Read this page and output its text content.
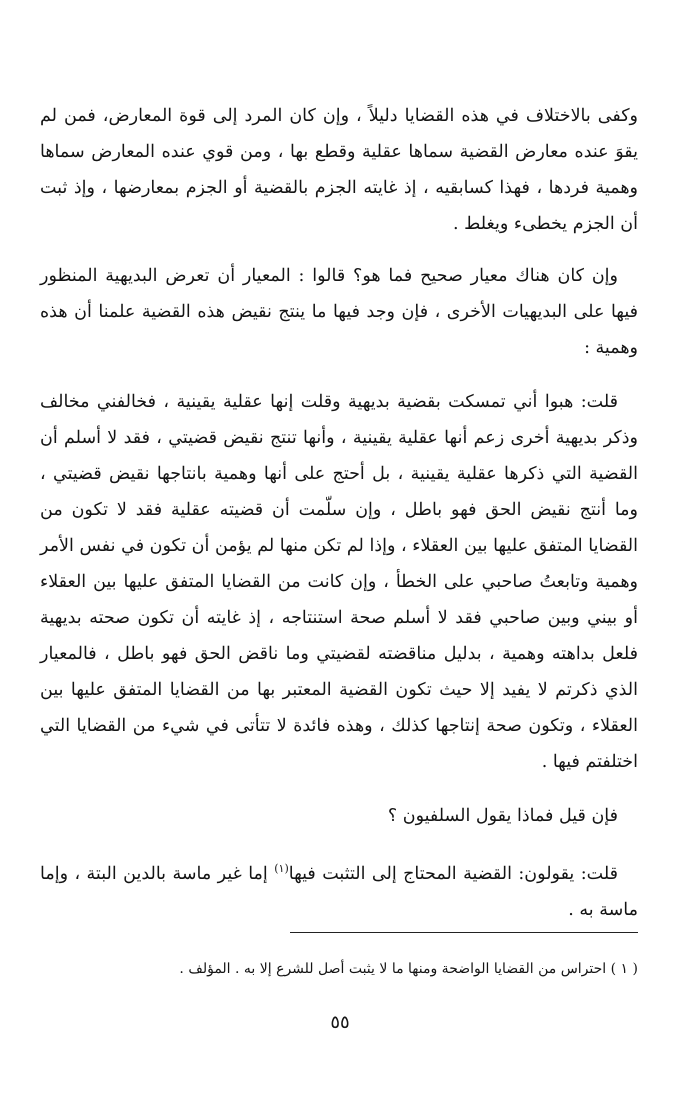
وكفى بالاختلاف في هذه القضايا دليلاً ، وإن كان المرد إلى قوة المعارض، فمن لم يقوَ عنده معارض القضية سماها عقلية وقطع بها ، ومن قوي عنده المعارض سماها وهمية فردها ، فهذا كسابقيه ، إذ غايته الجزم بالقضية أو الجزم بمعارضها ، وإذ ثبت أن الجزم يخطىء ويغلط .

وإن كان هناك معيار صحيح فما هو؟ قالوا : المعيار أن تعرض البديهية المنظور فيها على البديهيات الأخرى ، فإن وجد فيها ما ينتج نقيض هذه القضية علمنا أن هذه وهمية :

قلت: هبوا أني تمسكت بقضية بديهية وقلت إنها عقلية يقينية ، فخالفني مخالف وذكر بديهية أخرى زعم أنها عقلية يقينية ، وأنها تنتج نقيض قضيتي ، فقد لا أسلم أن القضية التي ذكرها عقلية يقينية ، بل أحتج على أنها وهمية بانتاجها نقيض قضيتي ، وما أنتج نقيض الحق فهو باطل ، وإن سلّمت أن قضيته عقلية فقد لا تكون من القضايا المتفق عليها بين العقلاء ، وإذا لم تكن منها لم يؤمن أن تكون في نفس الأمر وهمية وتابعتُ صاحبي على الخطأ ، وإن كانت من القضايا المتفق عليها بين العقلاء أو بيني وبين صاحبي فقد لا أسلم صحة استنتاجه ، إذ غايته أن تكون صحته بديهية فلعل بداهته وهمية ، بدليل مناقضته لقضيتي وما ناقض الحق فهو باطل ، فالمعيار الذي ذكرتم لا يفيد إلا حيث تكون القضية المعتبر بها من القضايا المتفق عليها بين العقلاء ، وتكون صحة إنتاجها كذلك ، وهذه فائدة لا تتأتى في شيء من القضايا التي اختلفتم فيها .

فإن قيل فماذا يقول السلفيون ؟

قلت: يقولون: القضية المحتاج إلى التثبت فيها$^{(١)}$ إما غير ماسة بالدين البتة ، وإما ماسة به .

( ١ ) احتراس من القضايا الواضحة ومنها ما لا يثبت أصل للشرع إلا به . المؤلف .
٥٥
